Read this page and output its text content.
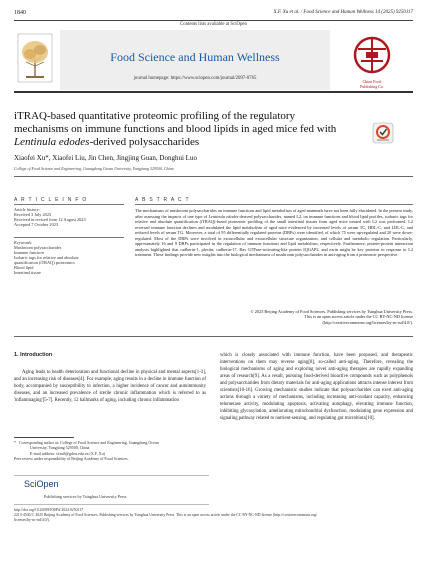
1840	X.F. Xu et al. / Food Science and Human Wellness 14 (2025) 9250117
Contents lists available at SciOpen
Food Science and Human Wellness
journal homepage: https://www.sciopen.com/journal/2097-0765
China Food
Publishing Co.
iTRAQ-based quantitative proteomic profiling of the regulatory mechanisms on immune functions and blood lipids in aged mice fed with Lentinula edodes-derived polysaccharides
Xiaofei Xu*, Xiaofei Liu, Jin Chen, Jingjing Guan, Donghui Luo
College of Food Science and Engineering, Guangdong Ocean University, Yangjiang 529500, China
A R T I C L E I N F O	A B S T R A C T
Article history:
Received 3 July 2023
Received in revised form 12 August 2023
Accepted 7 October 2023
Keywords:
Mushroom polysaccharides
Immune function
Isobaric tags for relative and absolute
quantification (iTRAQ) proteomics
Blood lipid
Intestinal tissue
The mechanisms of mushroom polysaccharides on immune functions and lipid metabolism of aged mammals have not been fully elucidated. In the present study, after assessing the impacts of one type of Lentinula edodes-derived polysaccharides, named L2, on immune functions and blood lipid profiles, isobaric tags for relative and absolute quantification (iTRAQ)-based proteomic profiling of the small intestinal tissues from aged mice treated with L2 was performed. L2 reversed immune function declines and modulated the lipid metabolism of aged mice evidenced by increased levels of serum TC, HDL-C, and LDL-C, and reduced levels of serum TG. Moreover, a total of 95 differentially regulated proteins (DRPs) were identified, of which 75 were up-regulated and 20 were down-regulated. Most of the DRPs were involved in extracellular and extracellular structure organization, and cellular and metabolic regulation. Particularly, approximately 16 and 9 DRPs participated in the regulation of immune functions and lipid metabolism, respectively. Furthermore, protein-protein interaction analysis highlighted that cadherin-1, plectin, cadherin-17, Ras GTPase-activating-like protein IQGAP2, and ezrin might be key proteins in response to L2 treatment. These findings provide new insights into the biological mechanisms of mushroom polysaccharides in anti-aging from a proteomic perspective.
© 2025 Beijing Academy of Food Sciences. Publishing services by Tsinghua University Press.
This is an open access article under the CC BY-NC-ND license
(http://creativecommons.org/licenses/by-nc-nd/4.0/).
1. Introduction

Aging leads to health deterioration and functional decline in physical and mental aspects[1-3], and an increasing risk of diseases[4]. For example, aging results in a decline in immune function of body, accompanied by susceptibility to infection, a higher incidence of cancer and autoimmunity diseases, and an increased prevalence of sterile chronic inflammation which is referred to as 'inflammaging'[5-7]. Recently, 12 hallmarks of aging, including chronic inflammation

which is closely associated with immune function, have been proposed, and therapeutic interventions on them may reverse aging[8], so-called anti-aging. Therefore, revealing the biological mechanisms of aging and exploring novel anti-aging therapies are rapidly expanding areas of research[9]. As a result, pursuing food-derived bioactive compounds such as polyphenols and polysaccharides from dietary materials for anti-aging applications attracts intense interest from scientists[10-16]. Growing mechanistic studies indicate that polysaccharides can exert anti-aging actions through a variety of mechanisms, including increasing anti-oxidant capacity, enhancing telomerase activity, modulating apoptosis, activating autophagy, elevating immune function, inhibiting glycosylation, ameliorating mitochondrial dysfunction, modulating gene expression and signaling pathway related to nutrient-sensing, and regulating gut microbiota[10].

* Corresponding author at: College of Food Science and Engineering, Guangdong Ocean
University, Yangjiang 529500, China.
E-mail address: xfxu8@gdou.edu.cn (X.F. Xu)
Peer review under responsibility of Beijing Academy of Food Sciences.
SciOpen
Publishing services by Tsinghua University Press
http://doi.org/10.26599/FSHW.2024.9250117
2213-4530/© 2025 Beijing Academy of Food Sciences. Publishing services by Tsinghua University Press. This is an open access article under the CC BY-NC-ND license (http://creativecommons.org/
licenses/by-nc-nd/4.0/).
